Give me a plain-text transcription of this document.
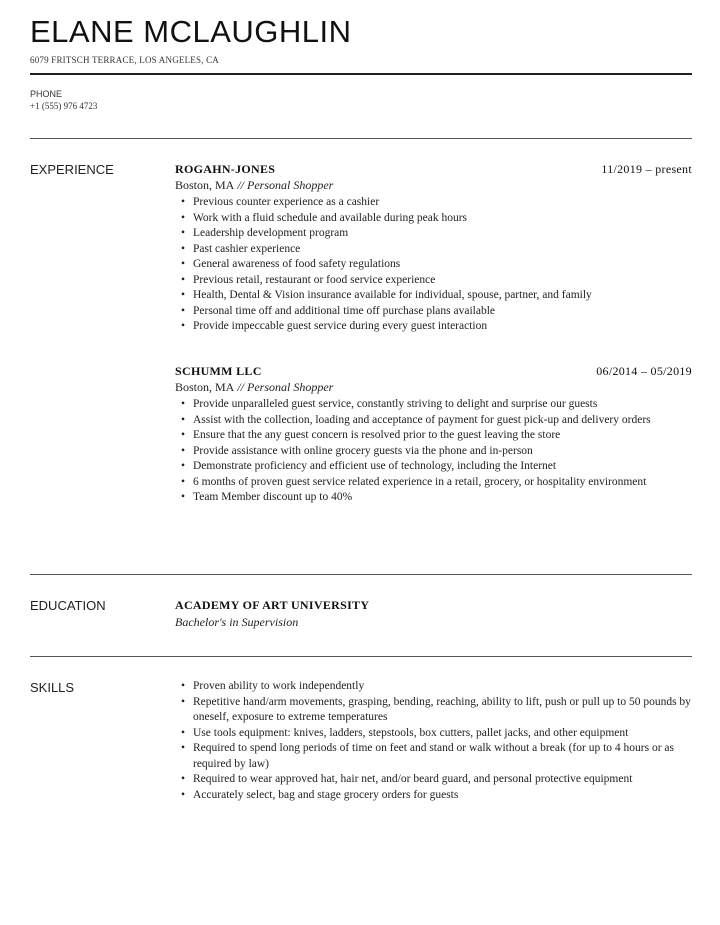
ELANE MCLAUGHLIN
6079 FRITSCH TERRACE, LOS ANGELES, CA
PHONE
+1 (555) 976 4723
EXPERIENCE	ROGAHN-JONES	11/2019 – present
Boston, MA // Personal Shopper
• Previous counter experience as a cashier
• Work with a fluid schedule and available during peak hours
• Leadership development program
• Past cashier experience
• General awareness of food safety regulations
• Previous retail, restaurant or food service experience
• Health, Dental & Vision insurance available for individual, spouse, partner, and family
• Personal time off and additional time off purchase plans available
• Provide impeccable guest service during every guest interaction
SCHUMM LLC	06/2014 – 05/2019
Boston, MA // Personal Shopper
• Provide unparalleled guest service, constantly striving to delight and surprise our guests
• Assist with the collection, loading and acceptance of payment for guest pick-up and delivery orders
• Ensure that the any guest concern is resolved prior to the guest leaving the store
• Provide assistance with online grocery guests via the phone and in-person
• Demonstrate proficiency and efficient use of technology, including the Internet
• 6 months of proven guest service related experience in a retail, grocery, or hospitality environment
• Team Member discount up to 40%
EDUCATION	ACADEMY OF ART UNIVERSITY
Bachelor's in Supervision
SKILLS
•	Proven ability to work independently
• Repetitive hand/arm movements, grasping, bending, reaching, ability to lift, push or pull up to 50 pounds by oneself, exposure to extreme temperatures
• Use tools equipment: knives, ladders, stepstools, box cutters, pallet jacks, and other equipment
• Required to spend long periods of time on feet and stand or walk without a break (for up to 4 hours or as required by law)
• Required to wear approved hat, hair net, and/or beard guard, and personal protective equipment
• Accurately select, bag and stage grocery orders for guests
